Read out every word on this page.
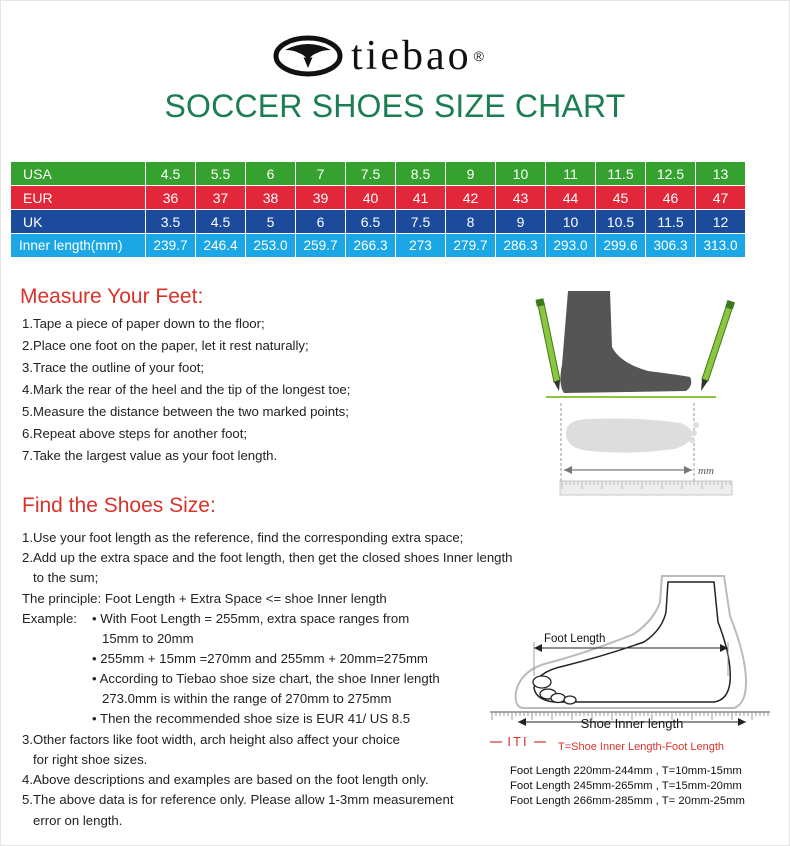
tiebao ®
SOCCER SHOES SIZE CHART
USA	4.5	5.5	6	7	7.5	8.5	9	10	11	11.5	12.5	13
EUR	36	37	38	39	40	41	42	43	44	45	46	47
UK	3.5	4.5	5	6	6.5	7.5	8	9	10	10.5	11.5	12
Inner length(mm)	239.7	246.4	253.0	259.7	266.3	273	279.7	286.3	293.0	299.6	306.3	313.0
Measure Your Feet:
1.Tape a piece of paper down to the floor;
2.Place one foot on the paper, let it rest naturally;
3.Trace the outline of your foot;
4.Mark the rear of the heel and the tip of the longest toe;
5.Measure the distance between the two marked points;
6.Repeat above steps for another foot;
7.Take the largest value as your foot length.
mm
Find the Shoes Size:
1.Use your foot length as the reference, find the corresponding extra space;
2.Add up the extra space and the foot length, then get the closed shoes Inner length
to the sum;
The principle: Foot Length + Extra Space <= shoe Inner length
Example: • With Foot Length = 255mm, extra space ranges from
15mm to 20mm
• 255mm + 15mm =270mm and 255mm + 20mm=275mm
• According to Tiebao shoe size chart, the shoe Inner length
273.0mm is within the range of 270mm to 275mm
• Then the recommended shoe size is EUR 41/ US 8.5
3.Other factors like foot width, arch height also affect your choice
for right shoe sizes.
4.Above descriptions and examples are based on the foot length only.
5.The above data is for reference only. Please allow 1-3mm measurement
error on length.
Foot Length
Shoe Inner length
ITI	T=Shoe Inner Length-Foot Length
Foot Length 220mm-244mm , T=10mm-15mm
Foot Length 245mm-265mm , T=15mm-20mm
Foot Length 266mm-285mm , T= 20mm-25mm
